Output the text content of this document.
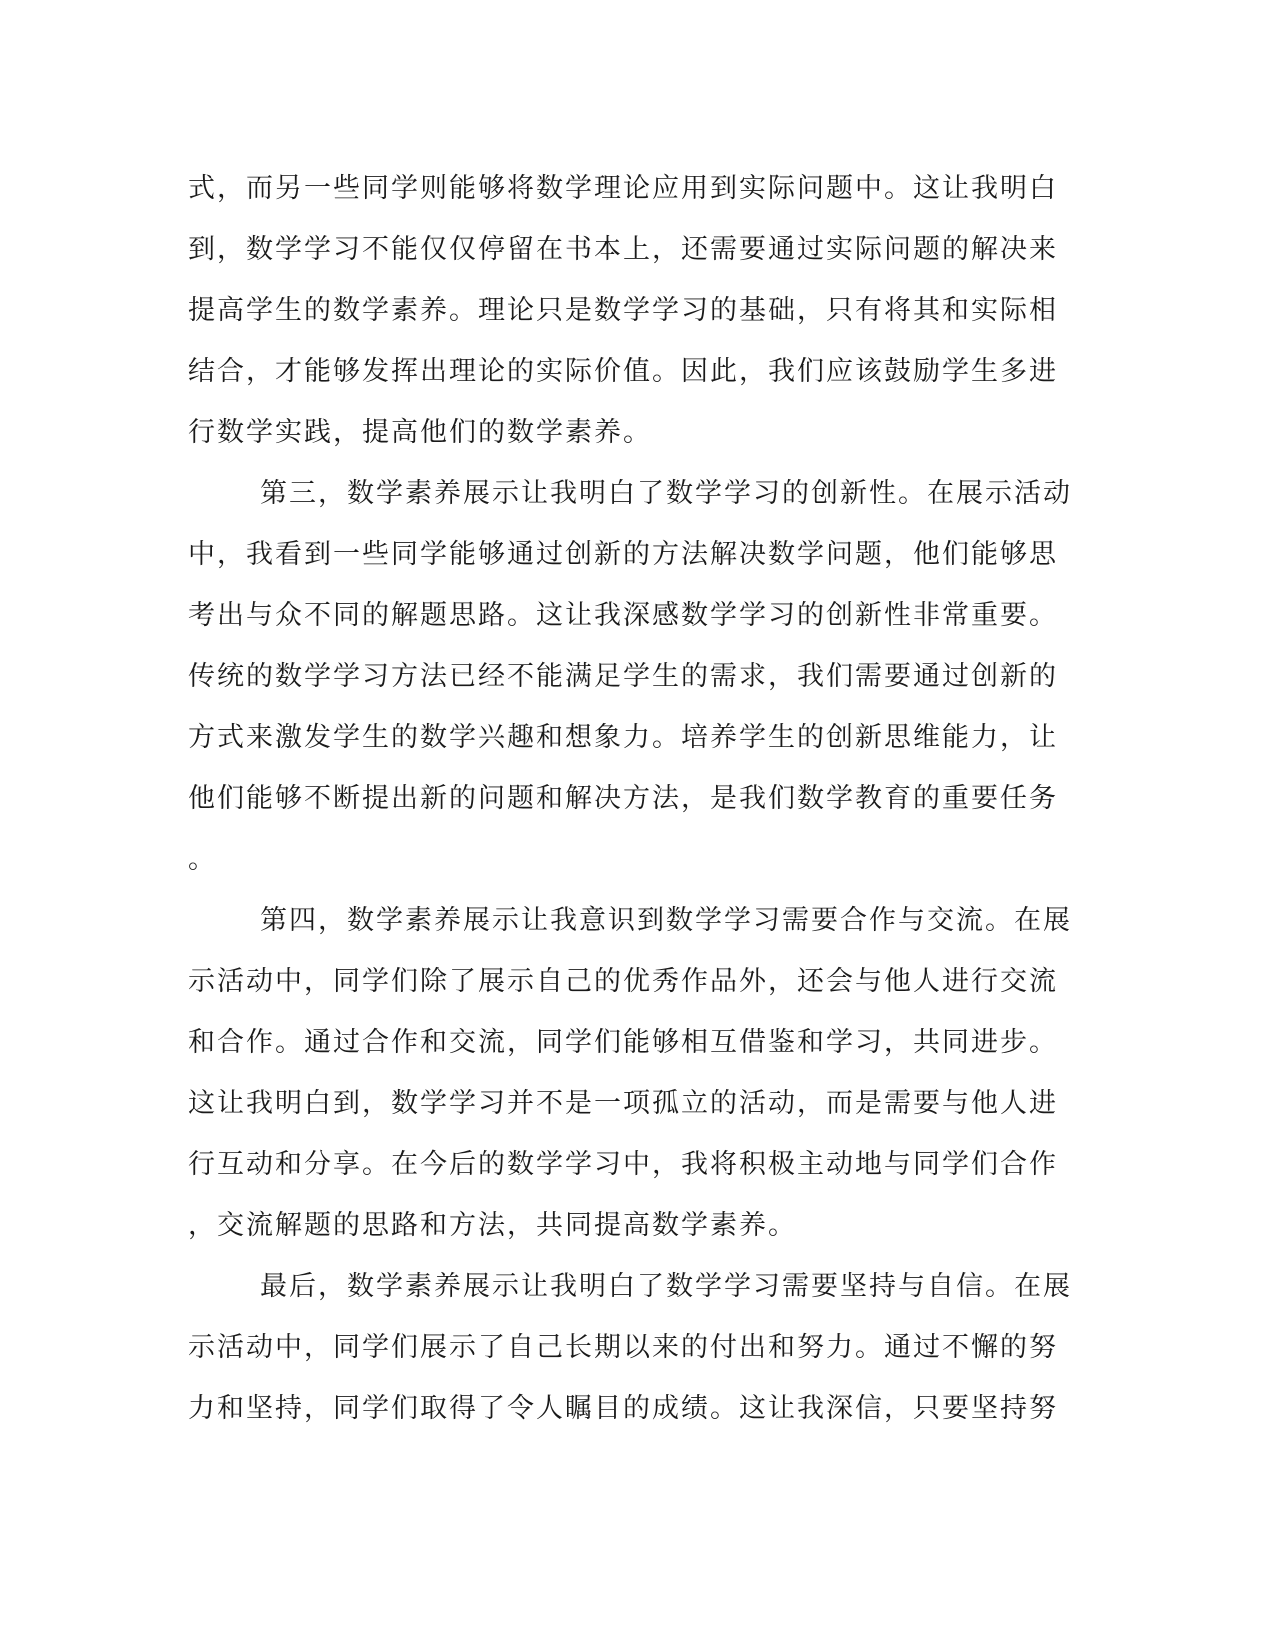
式，而另一些同学则能够将数学理论应用到实际问题中。这让我明白
到，数学学习不能仅仅停留在书本上，还需要通过实际问题的解决来
提高学生的数学素养。理论只是数学学习的基础，只有将其和实际相
结合，才能够发挥出理论的实际价值。因此，我们应该鼓励学生多进
行数学实践，提高他们的数学素养。
第三，数学素养展示让我明白了数学学习的创新性。在展示活动
中，我看到一些同学能够通过创新的方法解决数学问题，他们能够思
考出与众不同的解题思路。这让我深感数学学习的创新性非常重要。
传统的数学学习方法已经不能满足学生的需求，我们需要通过创新的
方式来激发学生的数学兴趣和想象力。培养学生的创新思维能力，让
他们能够不断提出新的问题和解决方法，是我们数学教育的重要任务
。
第四，数学素养展示让我意识到数学学习需要合作与交流。在展
示活动中，同学们除了展示自己的优秀作品外，还会与他人进行交流
和合作。通过合作和交流，同学们能够相互借鉴和学习，共同进步。
这让我明白到，数学学习并不是一项孤立的活动，而是需要与他人进
行互动和分享。在今后的数学学习中，我将积极主动地与同学们合作
，交流解题的思路和方法，共同提高数学素养。
最后，数学素养展示让我明白了数学学习需要坚持与自信。在展
示活动中，同学们展示了自己长期以来的付出和努力。通过不懈的努
力和坚持，同学们取得了令人瞩目的成绩。这让我深信，只要坚持努
